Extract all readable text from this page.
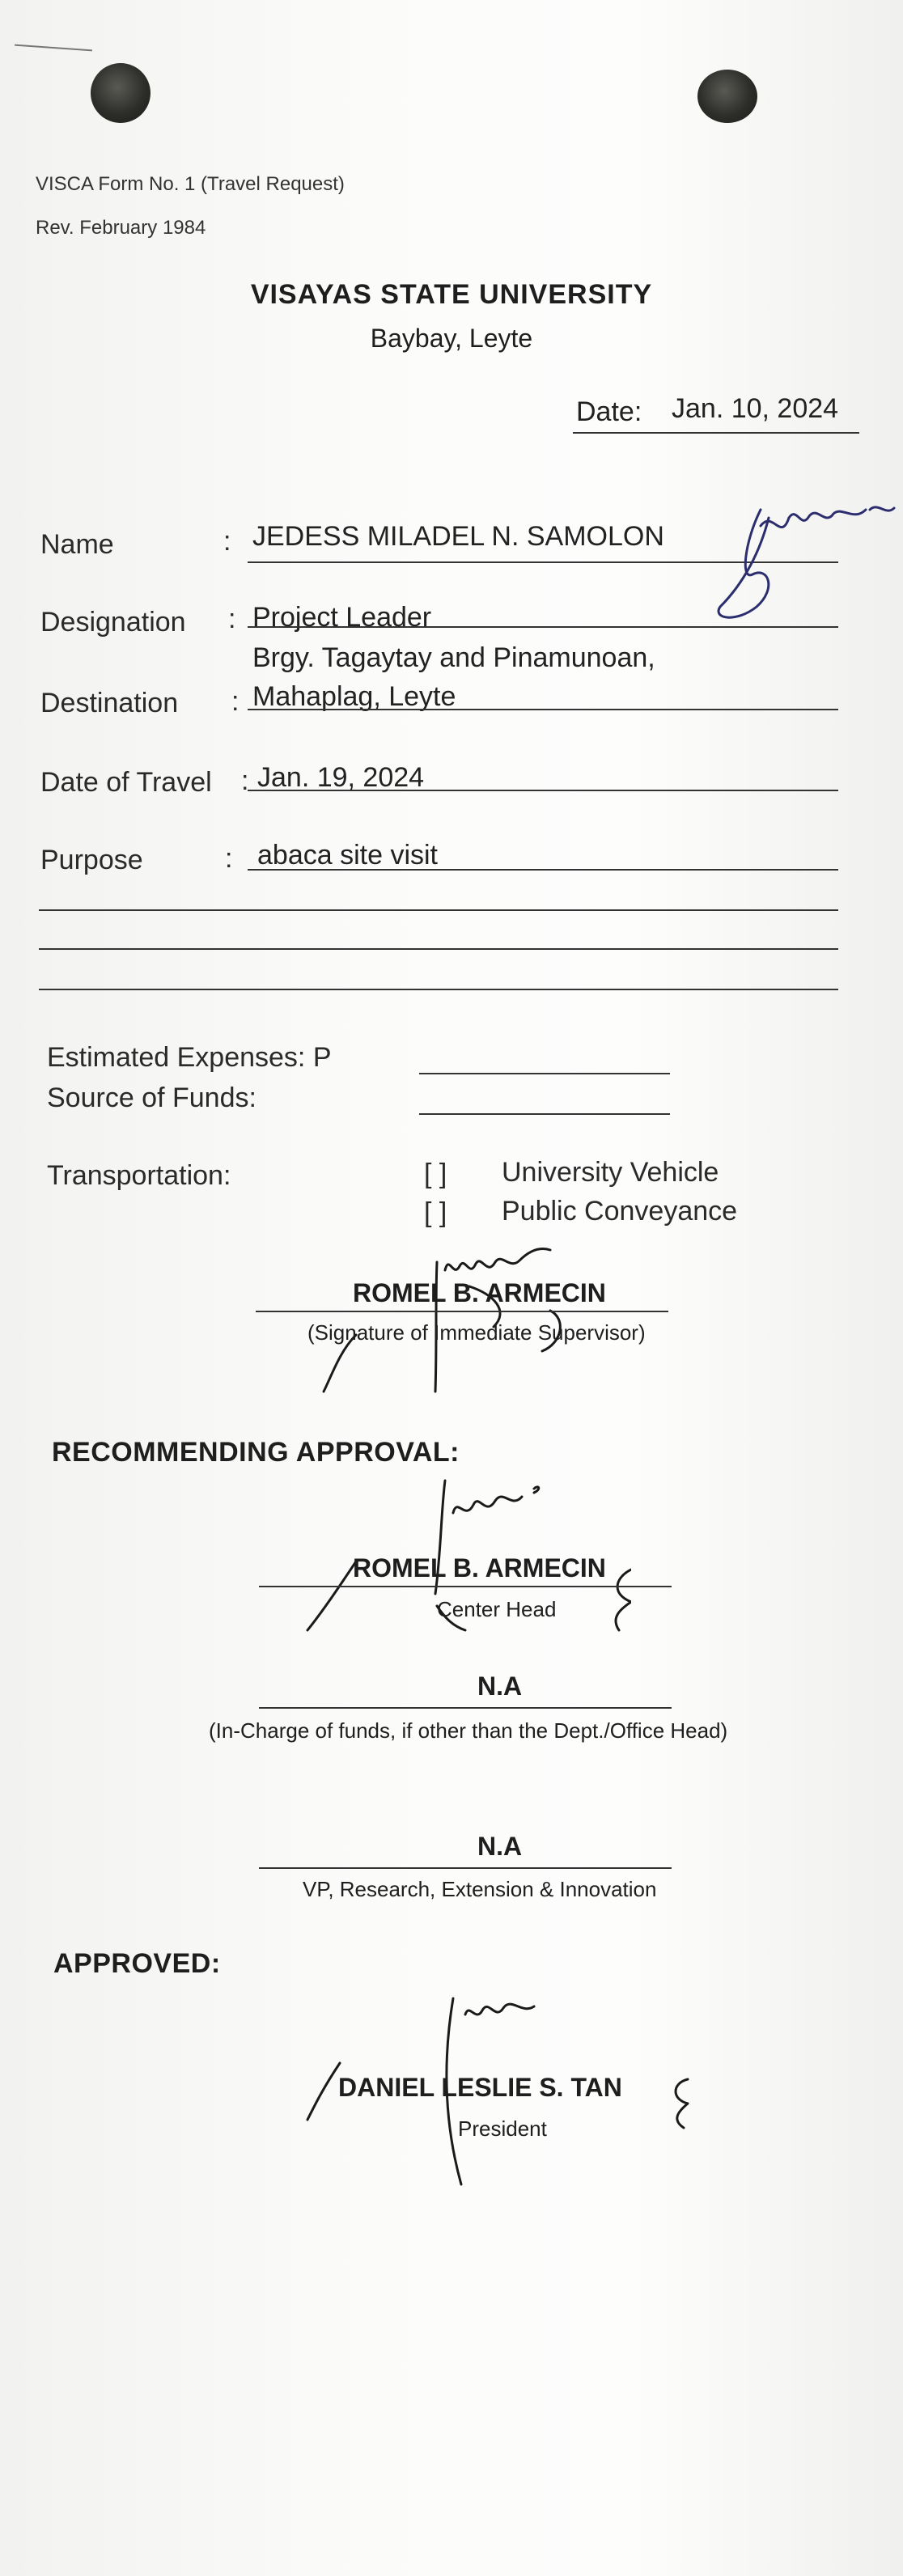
VISCA Form No. 1 (Travel Request)
Rev. February 1984
VISAYAS STATE UNIVERSITY
Baybay, Leyte
Date: Jan. 10, 2024
Name	: JEDESS MILADEL N. SAMOLON
Designation : Project Leader
Brgy. Tagaytay and Pinamunoan,
Destination : Mahaplag, Leyte
Date of Travel : Jan. 19, 2024
Purpose	: abaca site visit
Estimated Expenses: P
Source of Funds:
Transportation:	[ ] University Vehicle
[ ] Public Conveyance
ROMEL B. ARMECIN
(Signature of Immediate Supervisor)
RECOMMENDING APPROVAL:
ROMEL B. ARMECIN
Center Head
N.A
(In-Charge of funds, if other than the Dept./Office Head)
N.A
VP, Research, Extension & Innovation
APPROVED:
DANIEL LESLIE S. TAN
President
